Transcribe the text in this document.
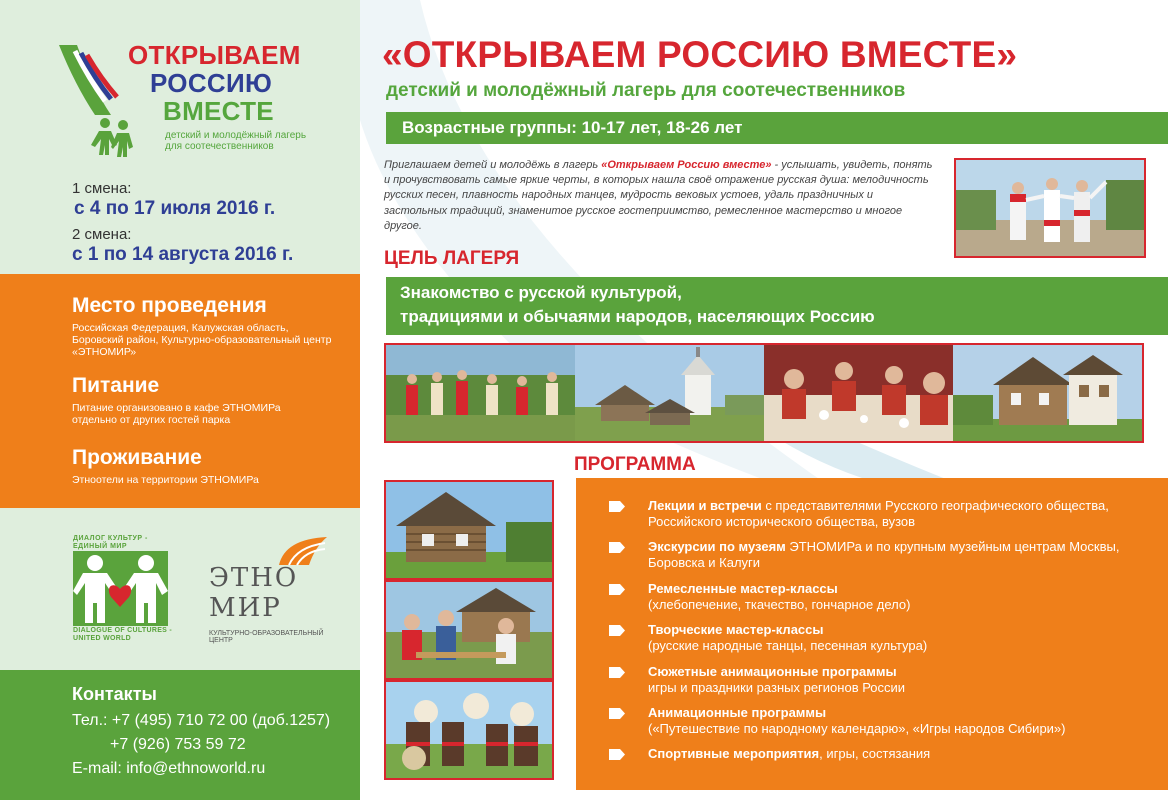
ОТКРЫВАЕМ
РОССИЮ
ВМЕСТЕ
детский и молодёжный лагерь для соотечественников
1 смена:
с 4 по 17 июля 2016 г.
2 смена:
с 1 по 14 августа 2016 г.
Место проведения
Российская Федерация, Калужская область, Боровский район, Культурно-образовательный центр «ЭТНОМИР»
Питание
Питание организовано в кафе ЭТНОМИРа отдельно от других гостей парка
Проживание
Этноотели на территории ЭТНОМИРа
ДИАЛОГ КУЛЬТУР - ЕДИНЫЙ МИР
DIALOGUE OF CULTURES - UNITED WORLD
ЭТНО
МИР
КУЛЬТУРНО-ОБРАЗОВАТЕЛЬНЫЙ ЦЕНТР
Контакты
Тел.: +7 (495) 710 72 00 (доб.1257)
+7 (926) 753 59 72
E-mail: info@ethnoworld.ru
«ОТКРЫВАЕМ РОССИЮ ВМЕСТЕ»
детский и молодёжный лагерь для соотечественников
Возрастные группы: 10-17 лет, 18-26 лет
Приглашаем детей и молодёжь в лагерь «Открываем Россию вместе» - услышать, увидеть, понять и прочувствовать самые яркие черты, в которых нашла своё отражение русская душа: мелодичность русских песен, плавность народных танцев, мудрость вековых устоев, удаль праздничных и застольных традиций, знаменитое русское гостеприимство, ремесленное мастерство и многое другое.
ЦЕЛЬ ЛАГЕРЯ
Знакомство с русской культурой,
традициями и обычаями народов, населяющих Россию
ПРОГРАММА
Лекции и встречи с представителями Русского географического общества, Российского исторического общества, вузов
Экскурсии по музеям ЭТНОМИРа и по крупным музейным центрам Москвы, Боровска и Калуги
Ремесленные мастер-классы
(хлебопечение, ткачество, гончарное дело)
Творческие мастер-классы
(русские народные танцы, песенная культура)
Сюжетные анимационные программы
игры и праздники разных регионов России
Анимационные программы
(«Путешествие по народному календарю», «Игры народов Сибири»)
Спортивные мероприятия, игры, состязания
